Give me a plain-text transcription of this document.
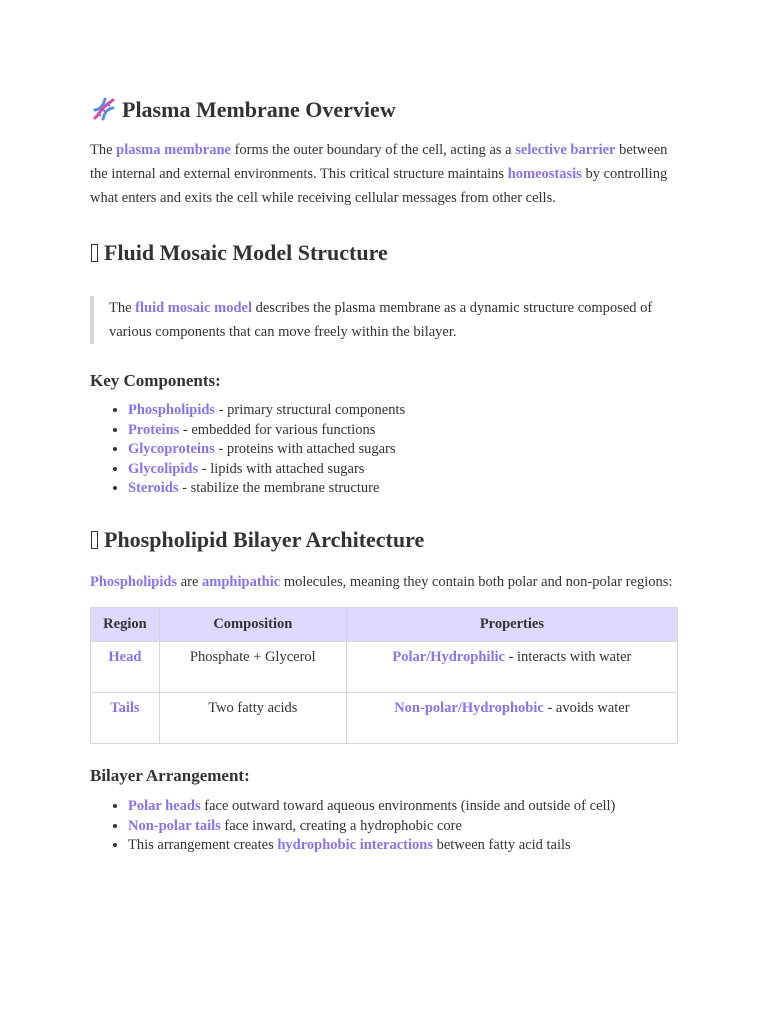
Plasma Membrane Overview

The plasma membrane forms the outer boundary of the cell, acting as a selective barrier between the internal and external environments. This critical structure maintains homeostasis by controlling what enters and exits the cell while receiving cellular messages from other cells.

Fluid Mosaic Model Structure

The fluid mosaic model describes the plasma membrane as a dynamic structure composed of various components that can move freely within the bilayer.

Key Components:
• Phospholipids - primary structural components
• Proteins - embedded for various functions
• Glycoproteins - proteins with attached sugars
• Glycolipids - lipids with attached sugars
• Steroids - stabilize the membrane structure
Phospholipid Bilayer Architecture

Phospholipids are amphipathic molecules, meaning they contain both polar and non-polar regions:

Region	Composition	Properties
Head	Phosphate + Glycerol	Polar/Hydrophilic - interacts with water
Tails	Two fatty acids	Non-polar/Hydrophobic - avoids water
Bilayer Arrangement:
• Polar heads face outward toward aqueous environments (inside and outside of cell)
• Non-polar tails face inward, creating a hydrophobic core
• This arrangement creates hydrophobic interactions between fatty acid tails
